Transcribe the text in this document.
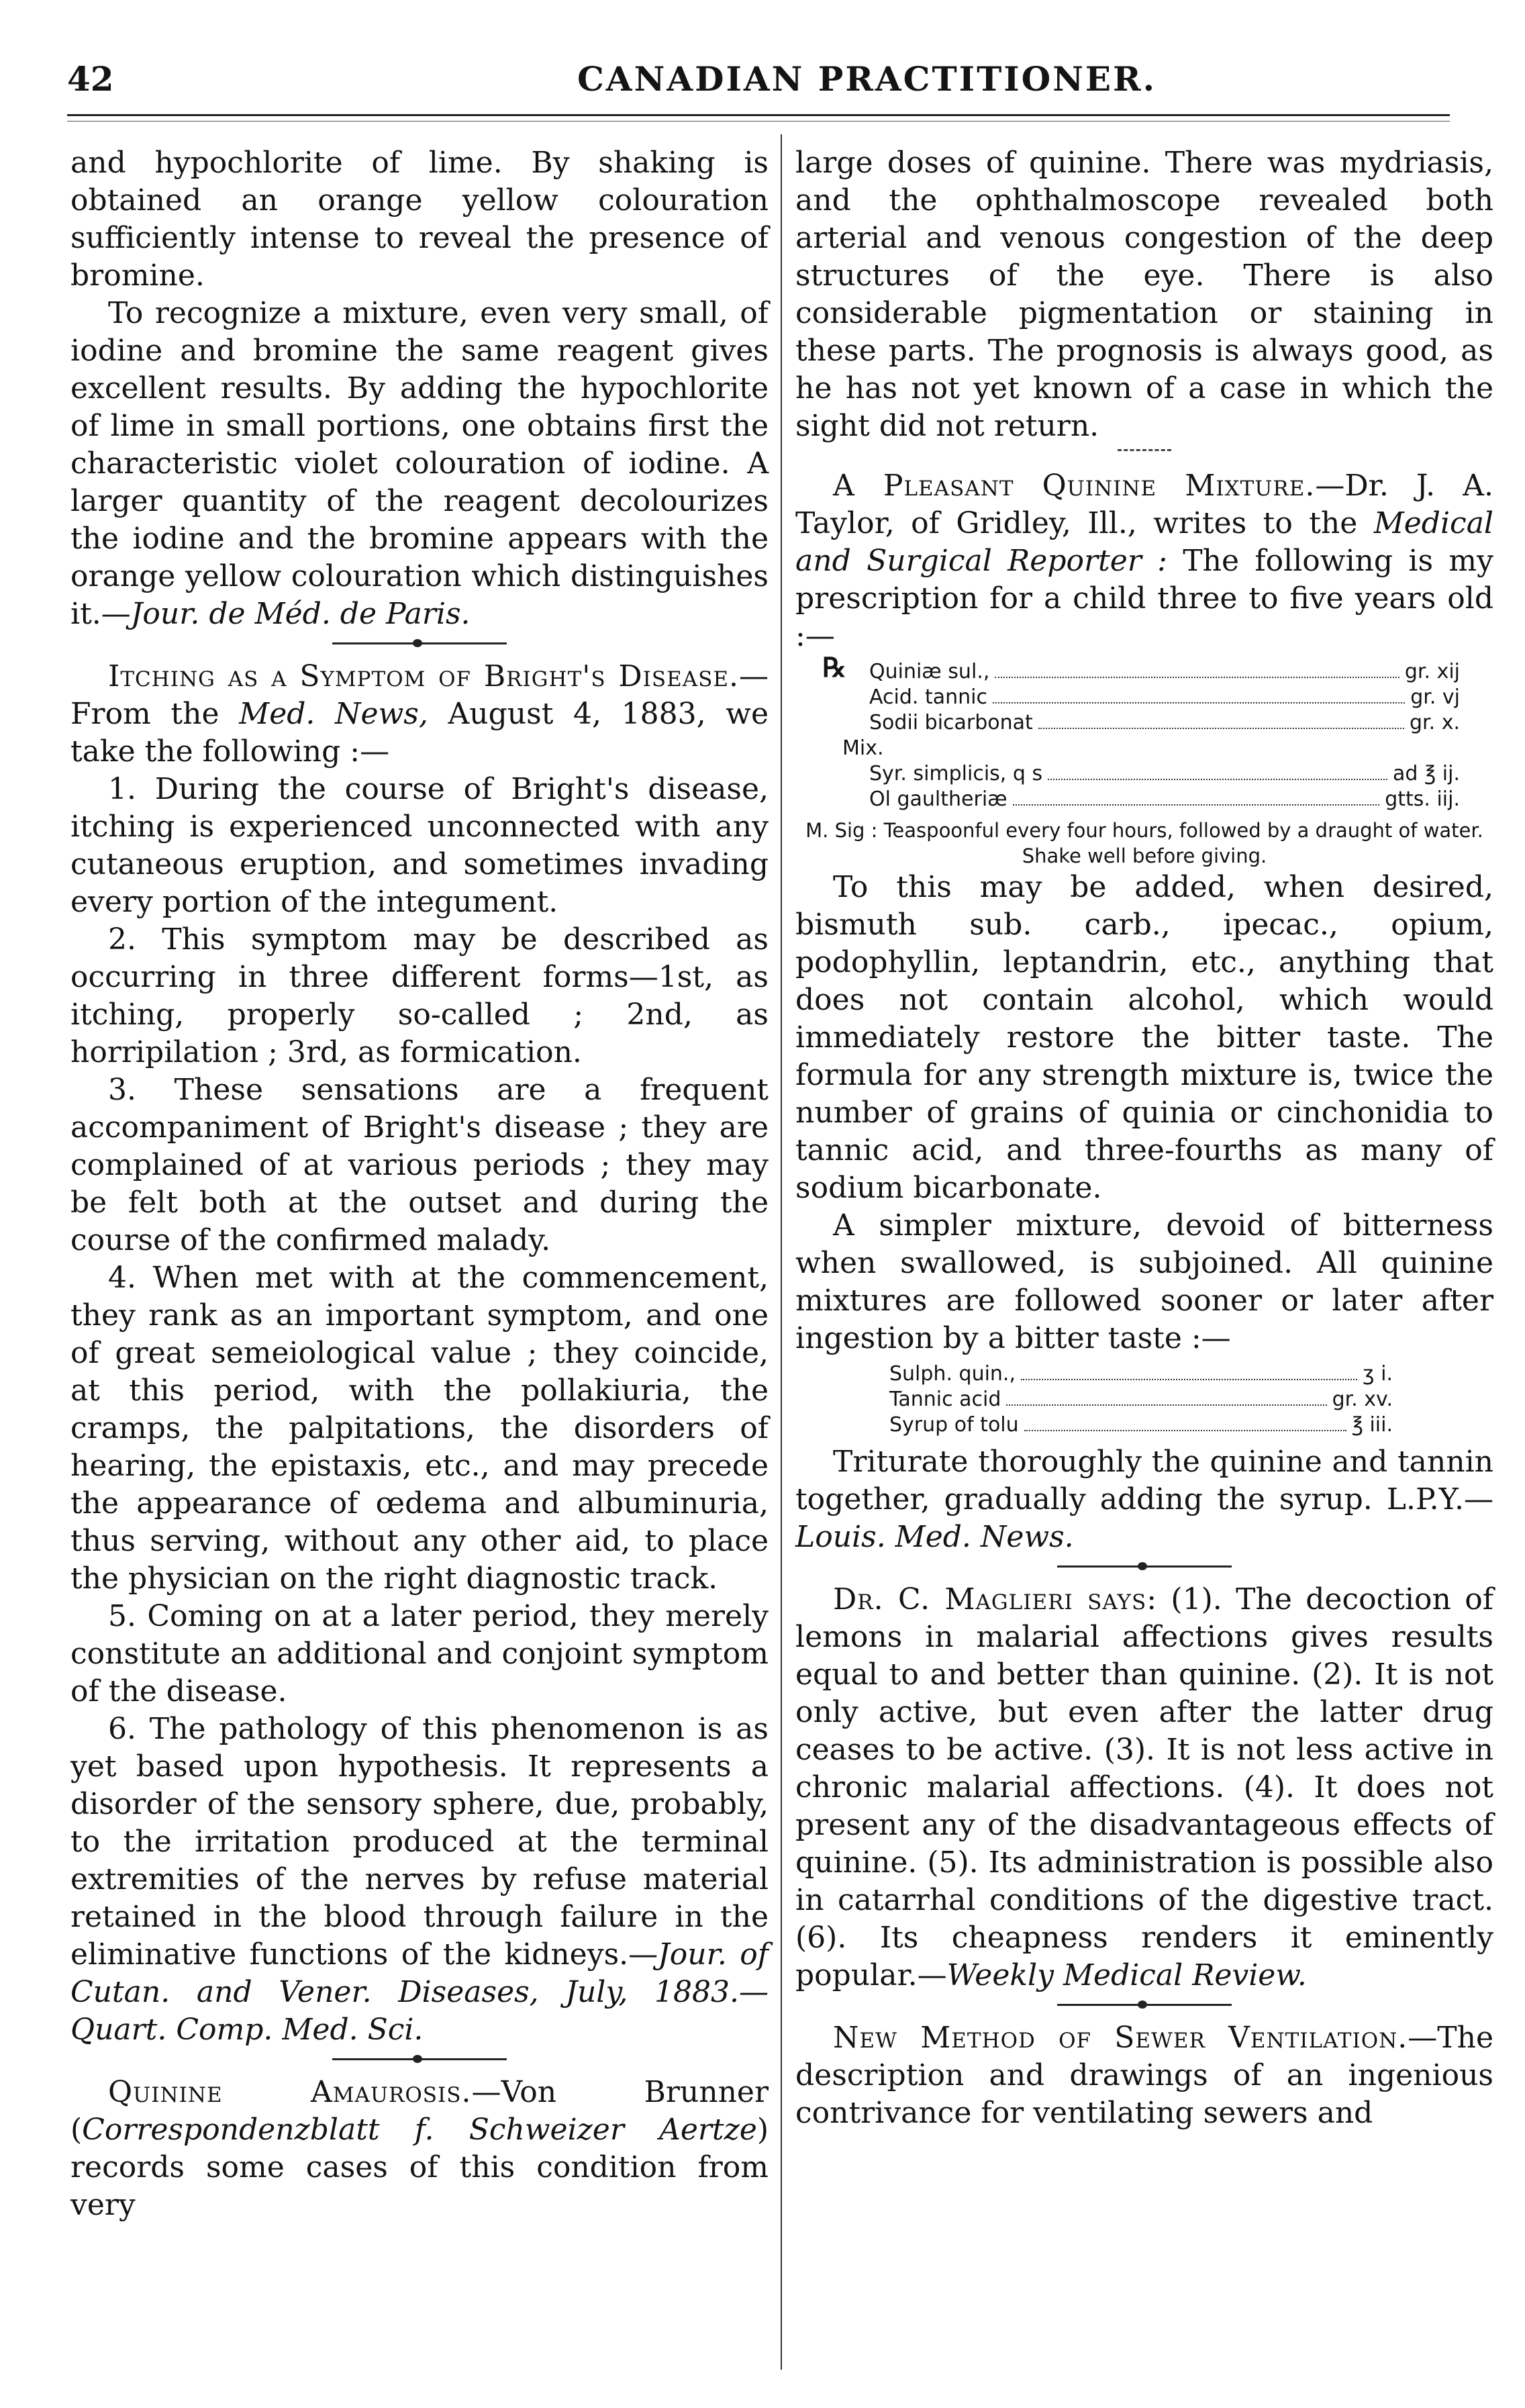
42	CANADIAN PRACTITIONER.

and hypochlorite of lime. By shaking is obtained an orange yellow colouration sufficiently intense to reveal the presence of bromine.

To recognize a mixture, even very small, of iodine and bromine the same reagent gives excellent results. By adding the hypochlorite of lime in small portions, one obtains first the characteristic violet colouration of iodine. A larger quantity of the reagent decolourizes the iodine and the bromine appears with the orange yellow colouration which distinguishes it.—Jour. de Méd. de Paris.

Itching as a Symptom of Bright's Disease.—From the Med. News, August 4, 1883, we take the following :—

1. During the course of Bright's disease, itching is experienced unconnected with any cutaneous eruption, and sometimes invading every portion of the integument.

2. This symptom may be described as occurring in three different forms—1st, as itching, properly so-called ; 2nd, as horripilation ; 3rd, as formication.

3. These sensations are a frequent accompaniment of Bright's disease ; they are complained of at various periods ; they may be felt both at the outset and during the course of the confirmed malady.

4. When met with at the commencement, they rank as an important symptom, and one of great semeiological value ; they coincide, at this period, with the pollakiuria, the cramps, the palpitations, the disorders of hearing, the epistaxis, etc., and may precede the appearance of œdema and albuminuria, thus serving, without any other aid, to place the physician on the right diagnostic track.

5. Coming on at a later period, they merely constitute an additional and conjoint symptom of the disease.

6. The pathology of this phenomenon is as yet based upon hypothesis. It represents a disorder of the sensory sphere, due, probably, to the irritation produced at the terminal extremities of the nerves by refuse material retained in the blood through failure in the eliminative functions of the kidneys.—Jour. of Cutan. and Vener. Diseases, July, 1883.—Quart. Comp. Med. Sci.

Quinine Amaurosis.—Von Brunner (Correspondenzblatt f. Schweizer Aertze) records some cases of this condition from very

large doses of quinine. There was mydriasis, and the ophthalmoscope revealed both arterial and venous congestion of the deep structures of the eye. There is also considerable pigmentation or staining in these parts. The prognosis is always good, as he has not yet known of a case in which the sight did not return.

A Pleasant Quinine Mixture.—Dr. J. A. Taylor, of Gridley, Ill., writes to the Medical and Surgical Reporter : The following is my prescription for a child three to five years old :—

℞ Quiniæ sul.,	gr. xij
Acid. tannic	gr. vj
Sodii bicarbonat	gr. x.
Mix.
Syr. simplicis, q s	ad ℥ ij.
Ol gaultheriæ	gtts. iij.

M. Sig : Teaspoonful every four hours, followed by a draught of water. Shake well before giving.

To this may be added, when desired, bismuth sub. carb., ipecac., opium, podophyllin, leptandrin, etc., anything that does not contain alcohol, which would immediately restore the bitter taste. The formula for any strength mixture is, twice the number of grains of quinia or cinchonidia to tannic acid, and three-fourths as many of sodium bicarbonate.

A simpler mixture, devoid of bitterness when swallowed, is subjoined. All quinine mixtures are followed sooner or later after ingestion by a bitter taste :—

Sulph. quin.,	ʒ i.
Tannic acid	gr. xv.
Syrup of tolu	℥ iii.

Triturate thoroughly the quinine and tannin together, gradually adding the syrup. L.P.Y.—Louis. Med. News.

Dr. C. Maglieri says: (1). The decoction of lemons in malarial affections gives results equal to and better than quinine. (2). It is not only active, but even after the latter drug ceases to be active. (3). It is not less active in chronic malarial affections. (4). It does not present any of the disadvantageous effects of quinine. (5). Its administration is possible also in catarrhal conditions of the digestive tract. (6). Its cheapness renders it eminently popular.—Weekly Medical Review.

New Method of Sewer Ventilation.—The description and drawings of an ingenious contrivance for ventilating sewers and
